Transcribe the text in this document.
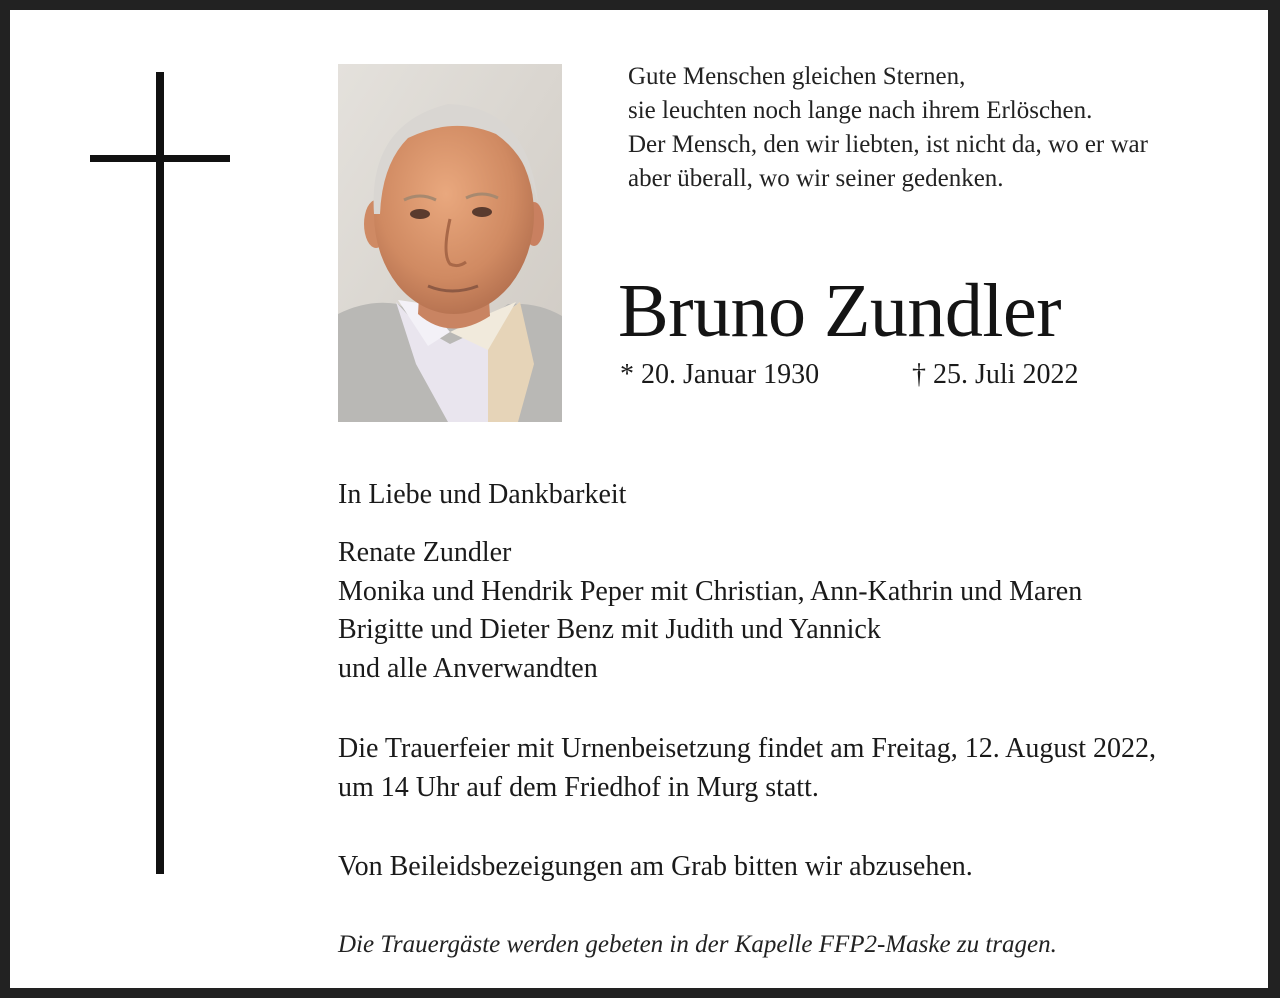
Gute Menschen gleichen Sternen,
sie leuchten noch lange nach ihrem Erlöschen.
Der Mensch, den wir liebten, ist nicht da, wo er war
aber überall, wo wir seiner gedenken.
Bruno Zundler
* 20. Januar 1930	† 25. Juli 2022
In Liebe und Dankbarkeit
Renate Zundler
Monika und Hendrik Peper mit Christian, Ann-Kathrin und Maren
Brigitte und Dieter Benz mit Judith und Yannick
und alle Anverwandten
Die Trauerfeier mit Urnenbeisetzung findet am Freitag, 12. August 2022,
um 14 Uhr auf dem Friedhof in Murg statt.
Von Beileidsbezeigungen am Grab bitten wir abzusehen.
Die Trauergäste werden gebeten in der Kapelle FFP2-Maske zu tragen.
